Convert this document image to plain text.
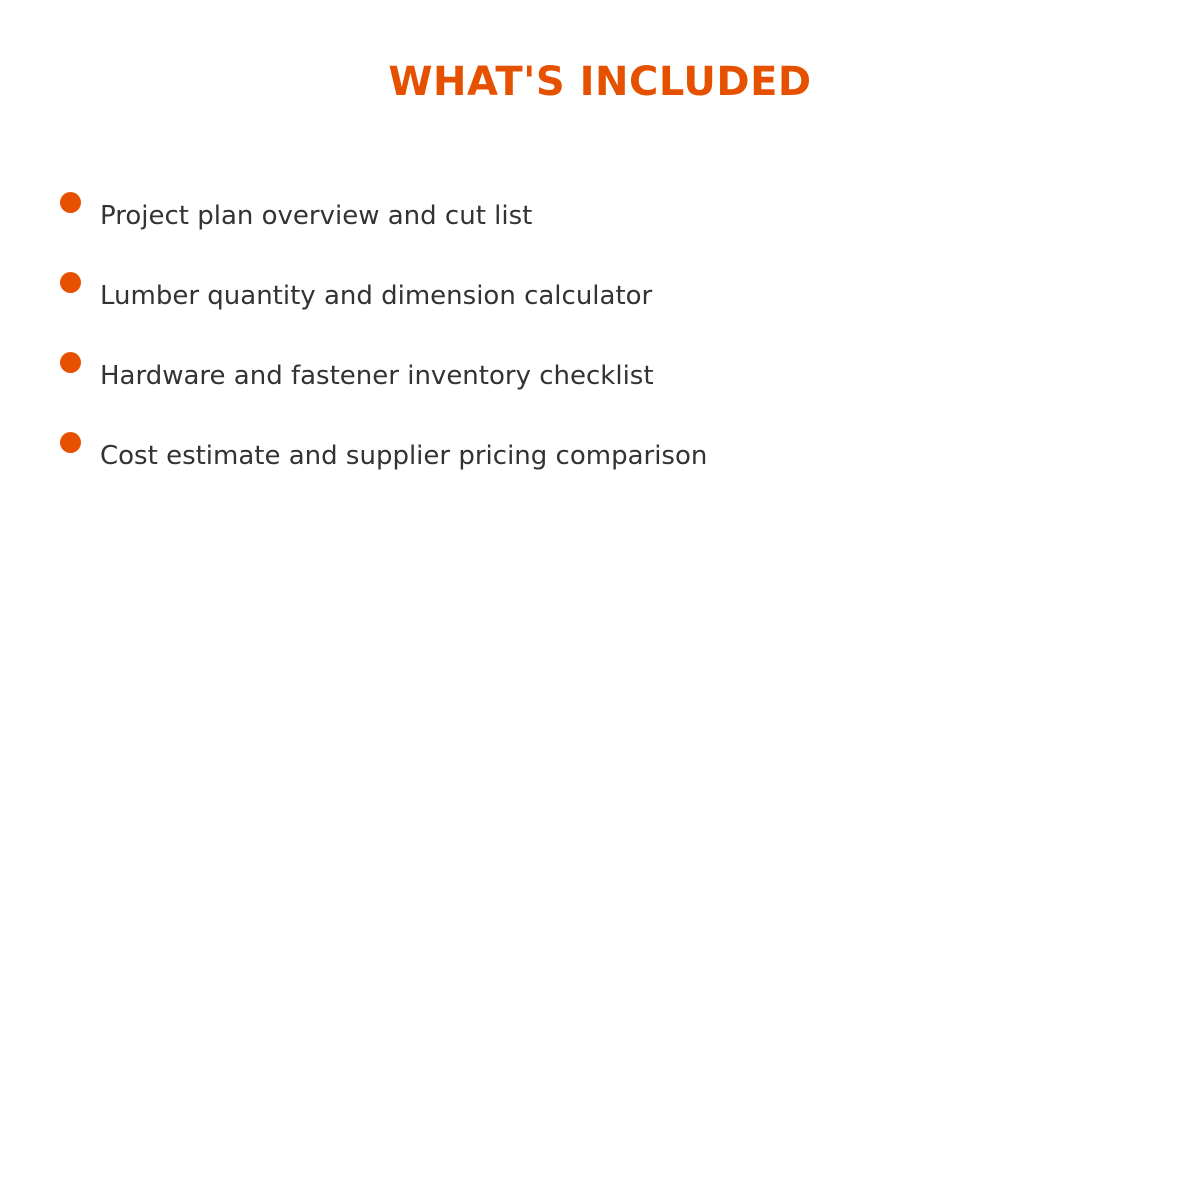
WHAT'S INCLUDED
Project plan overview and cut list
Lumber quantity and dimension calculator
Hardware and fastener inventory checklist
Cost estimate and supplier pricing comparison
